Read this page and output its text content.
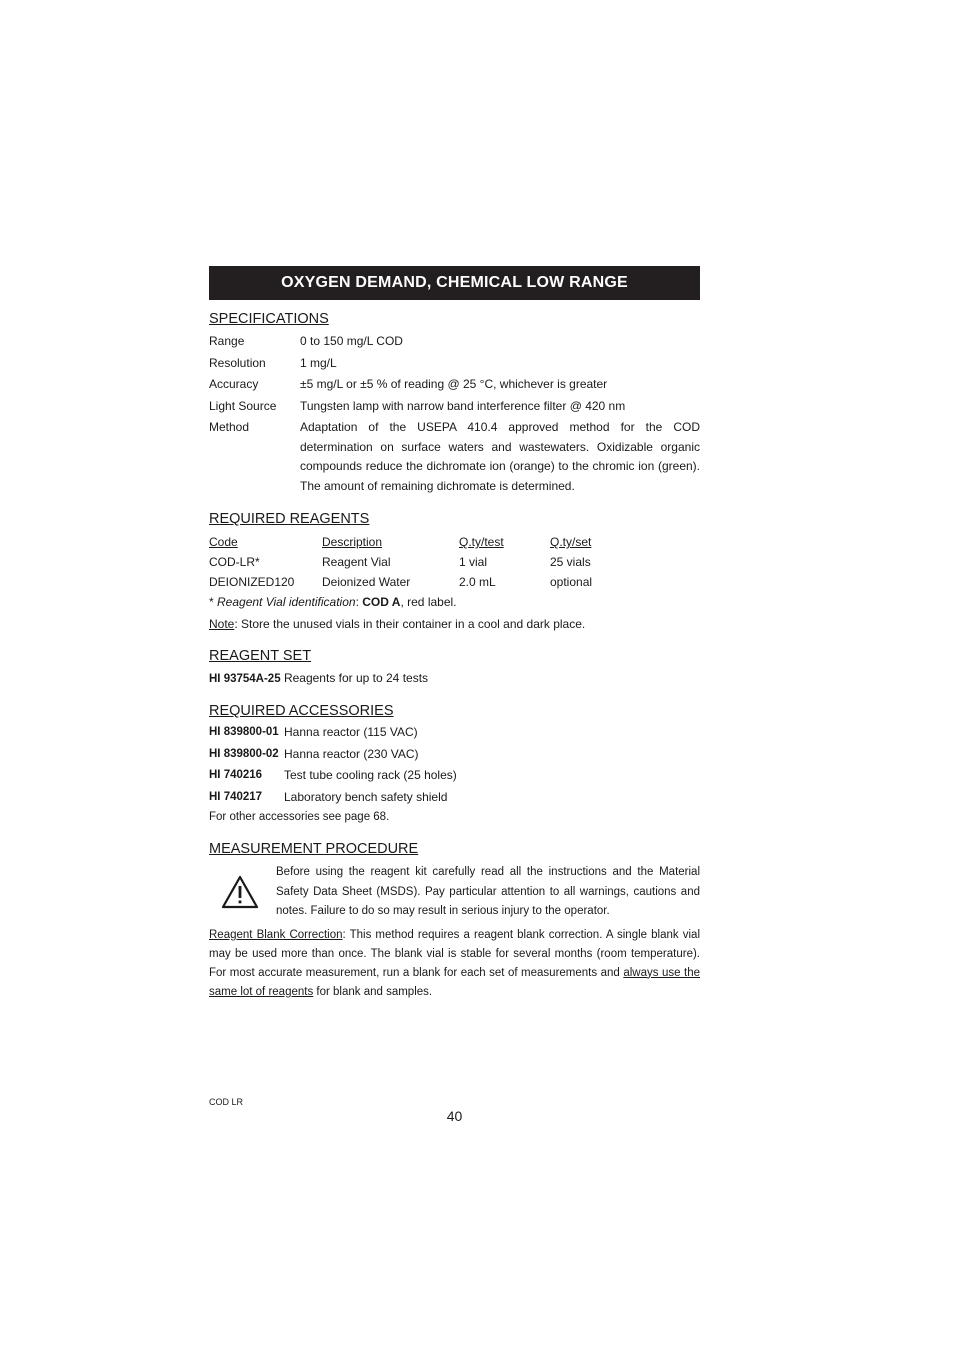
OXYGEN DEMAND, CHEMICAL LOW RANGE
SPECIFICATIONS
Range	0 to 150 mg/L COD
Resolution	1 mg/L
Accuracy	±5 mg/L or ±5 % of reading @ 25 °C, whichever is greater
Light Source	Tungsten lamp with narrow band interference filter @ 420 nm
Method	Adaptation of the USEPA 410.4 approved method for the COD determination on surface waters and wastewaters. Oxidizable organic compounds reduce the dichromate ion (orange) to the chromic ion (green). The amount of remaining dichromate is determined.
REQUIRED REAGENTS
Code	Description	Q.ty/test	Q.ty/set
COD-LR*	Reagent Vial	1 vial	25 vials
DEIONIZED120	Deionized Water	2.0 mL	optional
* Reagent Vial identification: COD A, red label.
Note: Store the unused vials in their container in a cool and dark place.
REAGENT SET
HI 93754A-25 Reagents for up to 24 tests
REQUIRED ACCESSORIES
HI 839800-01 Hanna reactor (115 VAC)
HI 839800-02 Hanna reactor (230 VAC)
HI 740216	Test tube cooling rack (25 holes)
HI 740217	Laboratory bench safety shield
For other accessories see page 68.
MEASUREMENT PROCEDURE
Before using the reagent kit carefully read all the instructions and the Material Safety Data Sheet (MSDS). Pay particular attention to all warnings, cautions and notes. Failure to do so may result in serious injury to the operator.
Reagent Blank Correction: This method requires a reagent blank correction. A single blank vial may be used more than once. The blank vial is stable for several months (room temperature). For most accurate measurement, run a blank for each set of measurements and always use the same lot of reagents for blank and samples.
COD LR
40
